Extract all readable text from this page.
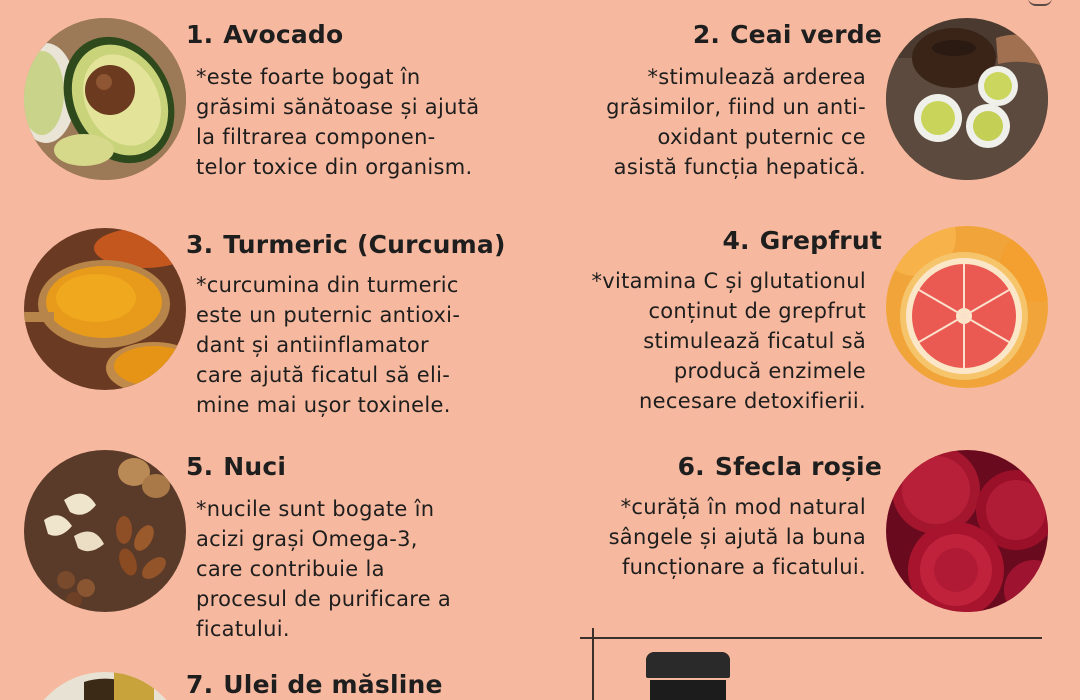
1. Avocado
*este foarte bogat în
grăsimi sănătoase și ajută
la filtrarea componen-
telor toxice din organism.
2. Ceai verde
*stimulează arderea
grăsimilor, fiind un anti-
oxidant puternic ce
asistă funcția hepatică.
3. Turmeric (Curcuma)
*curcumina din turmeric
este un puternic antioxi-
dant și antiinflamator
care ajută ficatul să eli-
mine mai ușor toxinele.
4. Grepfrut
*vitamina C și glutationul
conținut de grepfrut
stimulează ficatul să
producă enzimele
necesare detoxifierii.
5. Nuci
*nucile sunt bogate în
acizi grași Omega-3,
care contribuie la
procesul de purificare a
ficatului.
6. Sfecla roșie
*curăță în mod natural
sângele și ajută la buna
funcționare a ficatului.
7. Ulei de măsline
